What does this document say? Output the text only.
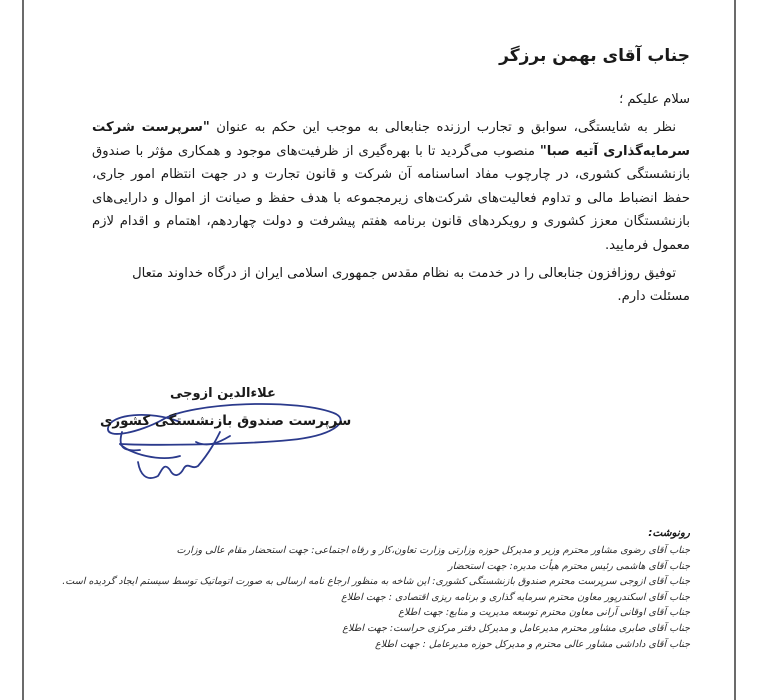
جناب آقای بهمن برزگر
سلام علیکم ؛
نظر به شایستگی، سوابق و تجارب ارزنده جنابعالی به موجب این حکم به عنوان "سرپرست شرکت سرمایه‌گذاری آتیه صبا" منصوب می‌گردید تا با بهره‌گیری از ظرفیت‌های موجود و همکاری مؤثر با صندوق بازنشستگی کشوری، در چارچوب مفاد اساسنامه آن شرکت و قانون تجارت و در جهت انتظام امور جاری، حفظ انضباط مالی و تداوم فعالیت‌های شرکت‌های زیرمجموعه با هدف حفظ و صیانت از اموال و دارایی‌های بازنشستگان معزز کشوری و رویکردهای قانون برنامه هفتم پیشرفت و دولت چهاردهم، اهتمام و اقدام لازم معمول فرمایید.
توفیق روزافزون جنابعالی را در خدمت به نظام مقدس جمهوری اسلامی ایران از درگاه خداوند متعال مسئلت دارم.
علاءالدین ازوجی
سرپرست صندوق بازنشستگی کشوری
رونوشت:
جناب آقای رضوی مشاور محترم وزیر و مدیرکل حوزه وزارتی وزارت تعاون،کار و رفاه اجتماعی: جهت استحضار مقام عالی وزارت
جناب آقای هاشمی رئیس محترم هیأت مدیره: جهت استحضار
جناب آقای ازوجی سرپرست محترم صندوق بازنشستگی کشوری: این شاخه به منظور ارجاع نامه ارسالی به صورت اتوماتیک توسط سیستم ایجاد گردیده است.
جناب آقای اسکندرپور معاون محترم سرمایه گذاری و برنامه ریزی اقتصادی : جهت اطلاع
جناب آقای اوقانی آرانی معاون محترم توسعه مدیریت و منابع: جهت اطلاع
جناب آقای صابری مشاور محترم مدیرعامل و مدیرکل دفتر مرکزی حراست: جهت اطلاع
جناب آقای داداشی مشاور عالی محترم و مدیرکل حوزه مدیرعامل : جهت اطلاع
